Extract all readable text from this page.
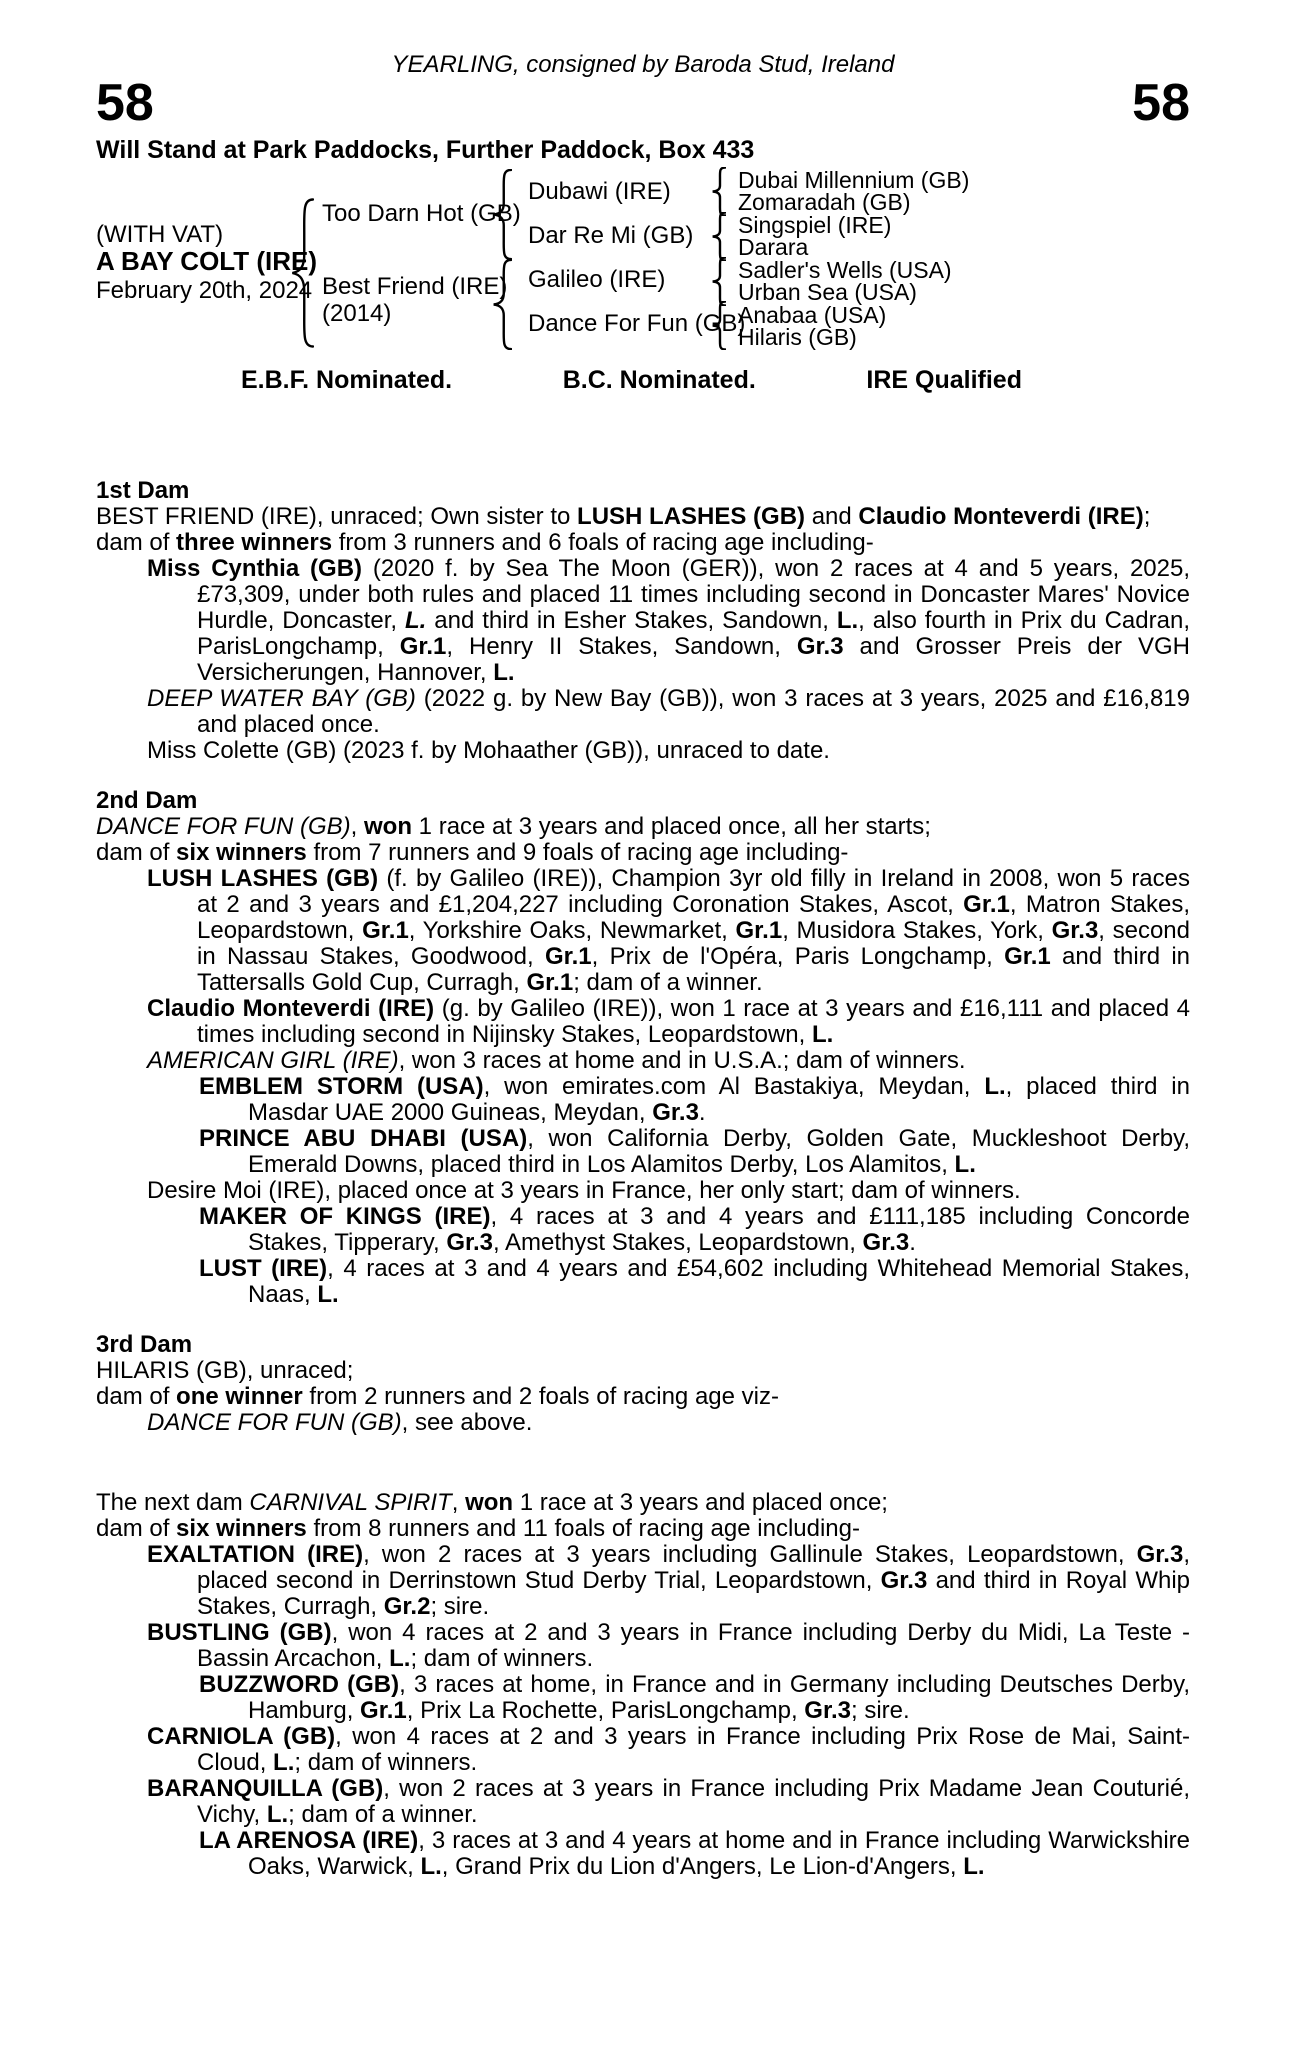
YEARLING, consigned by Baroda Stud, Ireland
58	58
Will Stand at Park Paddocks, Further Paddock, Box 433
(WITH VAT)
A BAY COLT (IRE)
February 20th, 2024
Too Darn Hot (GB)
Best Friend (IRE)
(2014)
Dubawi (IRE)
Dar Re Mi (GB)
Galileo (IRE)
Dance For Fun (GB)
Dubai Millennium (GB)
Zomaradah (GB)
Singspiel (IRE)
Darara
Sadler's Wells (USA)
Urban Sea (USA)
Anabaa (USA)
Hilaris (GB)
E.B.F. Nominated.	B.C. Nominated.	IRE Qualified
1st Dam
BEST FRIEND (IRE), unraced; Own sister to LUSH LASHES (GB) and Claudio Monteverdi (IRE);
dam of three winners from 3 runners and 6 foals of racing age including-
Miss Cynthia (GB) (2020 f. by Sea The Moon (GER)), won 2 races at 4 and 5 years, 2025, £73,309, under both rules and placed 11 times including second in Doncaster Mares' Novice Hurdle, Doncaster, L. and third in Esher Stakes, Sandown, L., also fourth in Prix du Cadran, ParisLongchamp, Gr.1, Henry II Stakes, Sandown, Gr.3 and Grosser Preis der VGH Versicherungen, Hannover, L.
DEEP WATER BAY (GB) (2022 g. by New Bay (GB)), won 3 races at 3 years, 2025 and £16,819 and placed once.
Miss Colette (GB) (2023 f. by Mohaather (GB)), unraced to date.
2nd Dam
DANCE FOR FUN (GB), won 1 race at 3 years and placed once, all her starts;
dam of six winners from 7 runners and 9 foals of racing age including-
LUSH LASHES (GB) (f. by Galileo (IRE)), Champion 3yr old filly in Ireland in 2008, won 5 races at 2 and 3 years and £1,204,227 including Coronation Stakes, Ascot, Gr.1, Matron Stakes, Leopardstown, Gr.1, Yorkshire Oaks, Newmarket, Gr.1, Musidora Stakes, York, Gr.3, second in Nassau Stakes, Goodwood, Gr.1, Prix de l'Opéra, Paris Longchamp, Gr.1 and third in Tattersalls Gold Cup, Curragh, Gr.1; dam of a winner.
Claudio Monteverdi (IRE) (g. by Galileo (IRE)), won 1 race at 3 years and £16,111 and placed 4 times including second in Nijinsky Stakes, Leopardstown, L.
AMERICAN GIRL (IRE), won 3 races at home and in U.S.A.; dam of winners.
EMBLEM STORM (USA), won emirates.com Al Bastakiya, Meydan, L., placed third in Masdar UAE 2000 Guineas, Meydan, Gr.3.
PRINCE ABU DHABI (USA), won California Derby, Golden Gate, Muckleshoot Derby, Emerald Downs, placed third in Los Alamitos Derby, Los Alamitos, L.
Desire Moi (IRE), placed once at 3 years in France, her only start; dam of winners.
MAKER OF KINGS (IRE), 4 races at 3 and 4 years and £111,185 including Concorde Stakes, Tipperary, Gr.3, Amethyst Stakes, Leopardstown, Gr.3.
LUST (IRE), 4 races at 3 and 4 years and £54,602 including Whitehead Memorial Stakes, Naas, L.
3rd Dam
HILARIS (GB), unraced;
dam of one winner from 2 runners and 2 foals of racing age viz-
DANCE FOR FUN (GB), see above.
The next dam CARNIVAL SPIRIT, won 1 race at 3 years and placed once;
dam of six winners from 8 runners and 11 foals of racing age including-
EXALTATION (IRE), won 2 races at 3 years including Gallinule Stakes, Leopardstown, Gr.3, placed second in Derrinstown Stud Derby Trial, Leopardstown, Gr.3 and third in Royal Whip Stakes, Curragh, Gr.2; sire.
BUSTLING (GB), won 4 races at 2 and 3 years in France including Derby du Midi, La Teste - Bassin Arcachon, L.; dam of winners.
BUZZWORD (GB), 3 races at home, in France and in Germany including Deutsches Derby, Hamburg, Gr.1, Prix La Rochette, ParisLongchamp, Gr.3; sire.
CARNIOLA (GB), won 4 races at 2 and 3 years in France including Prix Rose de Mai, Saint-Cloud, L.; dam of winners.
BARANQUILLA (GB), won 2 races at 3 years in France including Prix Madame Jean Couturié, Vichy, L.; dam of a winner.
LA ARENOSA (IRE), 3 races at 3 and 4 years at home and in France including Warwickshire Oaks, Warwick, L., Grand Prix du Lion d'Angers, Le Lion-d'Angers, L.
